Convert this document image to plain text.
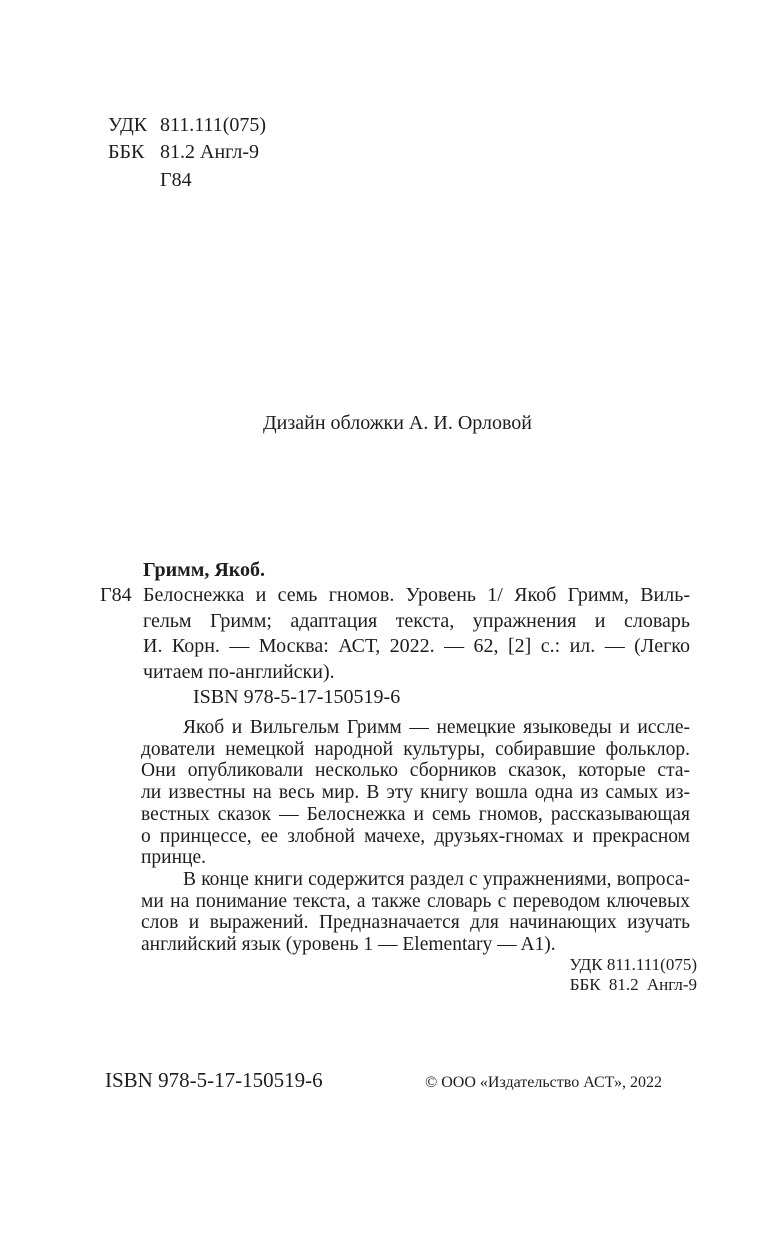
УДК 811.111(075)
ББК 81.2 Англ-9
Г84
Дизайн обложки А. И. Орловой
Гримм, Якоб.
Г84 Белоснежка и семь гномов. Уровень 1/ Якоб Гримм, Виль-
гельм Гримм; адаптация текста, упражнения и словарь
И. Корн. — Москва: АСТ, 2022. — 62, [2] с.: ил. — (Легко
читаем по-английски).
ISBN 978-5-17-150519-6
Якоб и Вильгельм Гримм — немецкие языковеды и иссле-
дователи немецкой народной культуры, собиравшие фольклор.
Они опубликовали несколько сборников сказок, которые ста-
ли известны на весь мир. В эту книгу вошла одна из самых из-
вестных сказок — Белоснежка и семь гномов, рассказывающая
о принцессе, ее злобной мачехе, друзьях-гномах и прекрасном
принце.
В конце книги содержится раздел с упражнениями, вопроса-
ми на понимание текста, а также словарь с переводом ключевых
слов и выражений. Предназначается для начинающих изучать
английский язык (уровень 1 — Elementary — A1).
УДК 811.111(075)
ББК 81.2 Англ-9
ISBN 978-5-17-150519-6	© ООО «Издательство АСТ», 2022
